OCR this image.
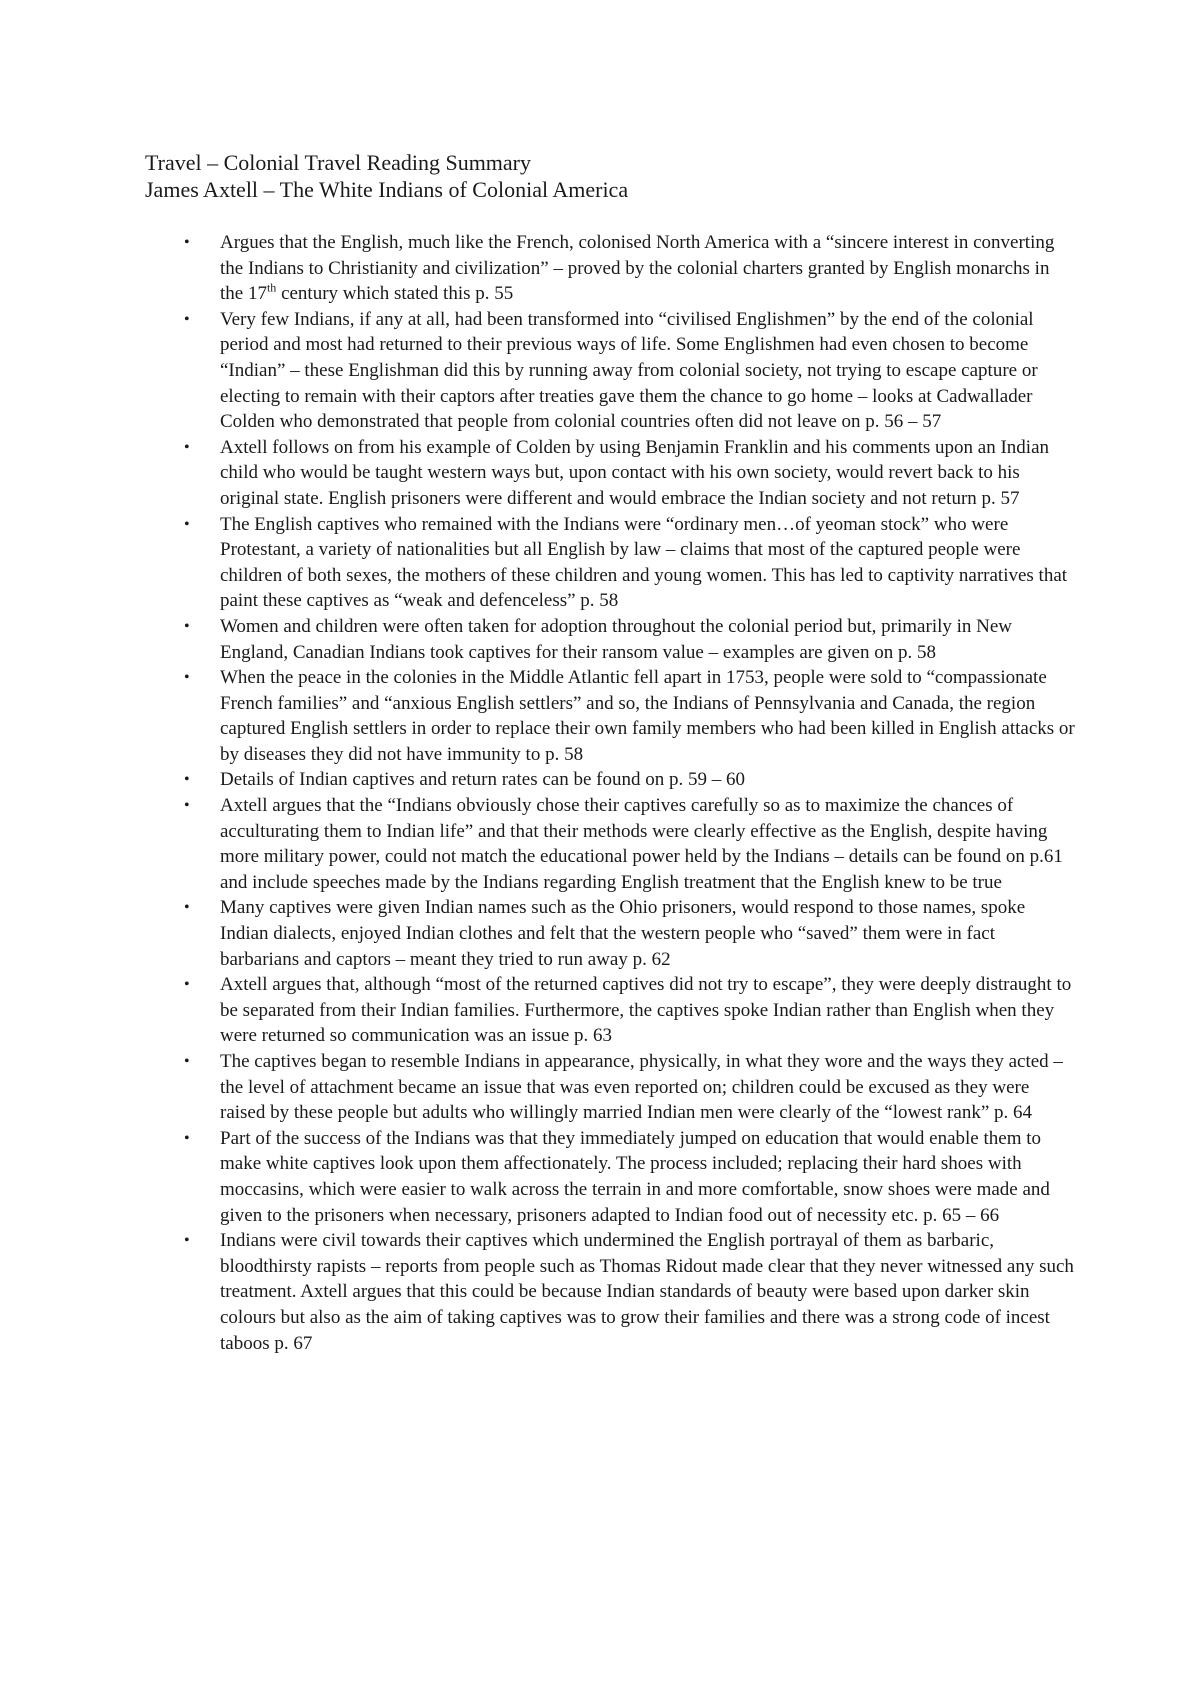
Travel – Colonial Travel Reading Summary
James Axtell – The White Indians of Colonial America
• Argues that the English, much like the French, colonised North America with a “sincere interest in converting the Indians to Christianity and civilization” – proved by the colonial charters granted by English monarchs in the 17th century which stated this p. 55
• Very few Indians, if any at all, had been transformed into “civilised Englishmen” by the end of the colonial period and most had returned to their previous ways of life. Some Englishmen had even chosen to become “Indian” – these Englishman did this by running away from colonial society, not trying to escape capture or electing to remain with their captors after treaties gave them the chance to go home – looks at Cadwallader Colden who demonstrated that people from colonial countries often did not leave on p. 56 – 57
• Axtell follows on from his example of Colden by using Benjamin Franklin and his comments upon an Indian child who would be taught western ways but, upon contact with his own society, would revert back to his original state. English prisoners were different and would embrace the Indian society and not return p. 57
• The English captives who remained with the Indians were “ordinary men…of yeoman stock” who were Protestant, a variety of nationalities but all English by law – claims that most of the captured people were children of both sexes, the mothers of these children and young women. This has led to captivity narratives that paint these captives as “weak and defenceless” p. 58
• Women and children were often taken for adoption throughout the colonial period but, primarily in New England, Canadian Indians took captives for their ransom value – examples are given on p. 58
• When the peace in the colonies in the Middle Atlantic fell apart in 1753, people were sold to “compassionate French families” and “anxious English settlers” and so, the Indians of Pennsylvania and Canada, the region captured English settlers in order to replace their own family members who had been killed in English attacks or by diseases they did not have immunity to p. 58
• Details of Indian captives and return rates can be found on p. 59 – 60
• Axtell argues that the “Indians obviously chose their captives carefully so as to maximize the chances of acculturating them to Indian life” and that their methods were clearly effective as the English, despite having more military power, could not match the educational power held by the Indians – details can be found on p.61 and include speeches made by the Indians regarding English treatment that the English knew to be true
• Many captives were given Indian names such as the Ohio prisoners, would respond to those names, spoke Indian dialects, enjoyed Indian clothes and felt that the western people who “saved” them were in fact barbarians and captors – meant they tried to run away p. 62
• Axtell argues that, although “most of the returned captives did not try to escape”, they were deeply distraught to be separated from their Indian families. Furthermore, the captives spoke Indian rather than English when they were returned so communication was an issue p. 63
• The captives began to resemble Indians in appearance, physically, in what they wore and the ways they acted – the level of attachment became an issue that was even reported on; children could be excused as they were raised by these people but adults who willingly married Indian men were clearly of the “lowest rank” p. 64
• Part of the success of the Indians was that they immediately jumped on education that would enable them to make white captives look upon them affectionately. The process included; replacing their hard shoes with moccasins, which were easier to walk across the terrain in and more comfortable, snow shoes were made and given to the prisoners when necessary, prisoners adapted to Indian food out of necessity etc. p. 65 – 66
• Indians were civil towards their captives which undermined the English portrayal of them as barbaric, bloodthirsty rapists – reports from people such as Thomas Ridout made clear that they never witnessed any such treatment. Axtell argues that this could be because Indian standards of beauty were based upon darker skin colours but also as the aim of taking captives was to grow their families and there was a strong code of incest taboos p. 67
